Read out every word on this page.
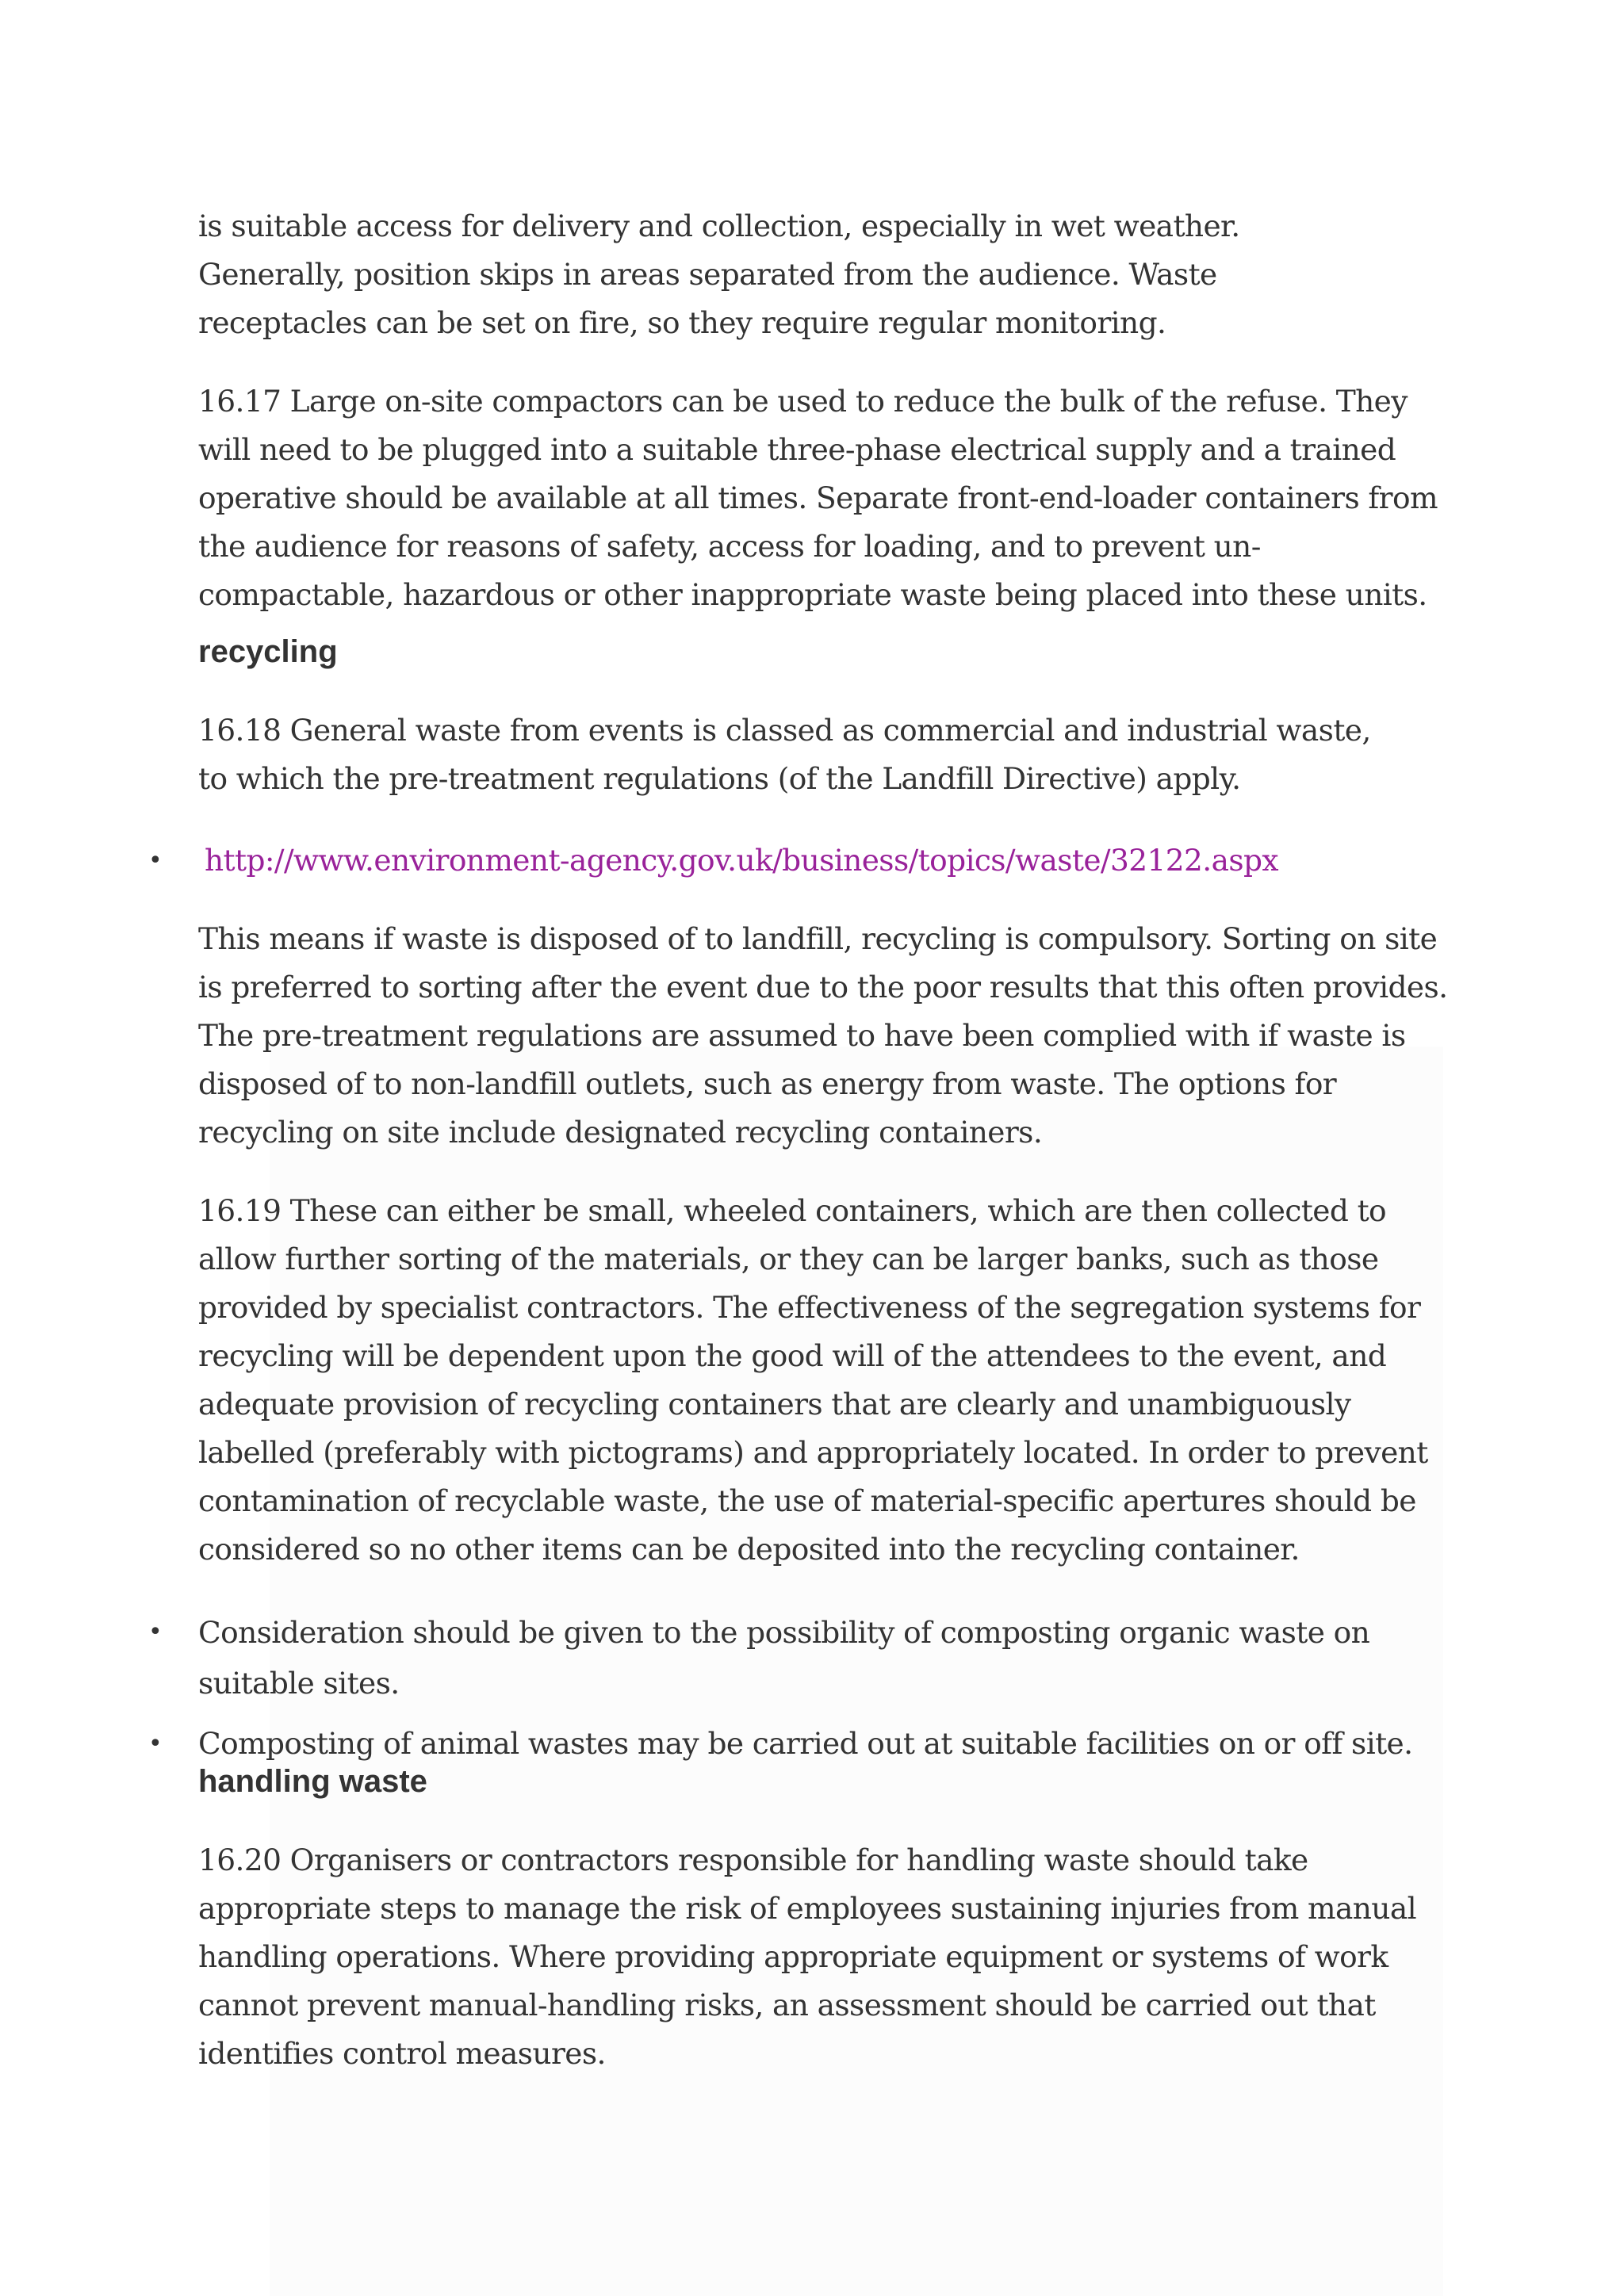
is suitable access for delivery and collection, especially in wet weather. Generally, position skips in areas separated from the audience. Waste receptacles can be set on fire, so they require regular monitoring.

16.17 Large on-site compactors can be used to reduce the bulk of the refuse. They will need to be plugged into a suitable three-phase electrical supply and a trained operative should be available at all times. Separate front-end-loader containers from the audience for reasons of safety, access for loading, and to prevent un-compactable, hazardous or other inappropriate waste being placed into these units.

recycling

16.18 General waste from events is classed as commercial and industrial waste, to which the pre-treatment regulations (of the Landfill Directive) apply.

• http://www.environment-agency.gov.uk/business/topics/waste/32122.aspx

This means if waste is disposed of to landfill, recycling is compulsory. Sorting on site is preferred to sorting after the event due to the poor results that this often provides. The pre-treatment regulations are assumed to have been complied with if waste is disposed of to non-landfill outlets, such as energy from waste. The options for recycling on site include designated recycling containers.

16.19 These can either be small, wheeled containers, which are then collected to allow further sorting of the materials, or they can be larger banks, such as those provided by specialist contractors. The effectiveness of the segregation systems for recycling will be dependent upon the good will of the attendees to the event, and adequate provision of recycling containers that are clearly and unambiguously labelled (preferably with pictograms) and appropriately located. In order to prevent contamination of recyclable waste, the use of material-specific apertures should be considered so no other items can be deposited into the recycling container.

• Consideration should be given to the possibility of composting organic waste on suitable sites.
• Composting of animal wastes may be carried out at suitable facilities on or off site.
handling waste

16.20 Organisers or contractors responsible for handling waste should take appropriate steps to manage the risk of employees sustaining injuries from manual handling operations. Where providing appropriate equipment or systems of work cannot prevent manual-handling risks, an assessment should be carried out that identifies control measures.
